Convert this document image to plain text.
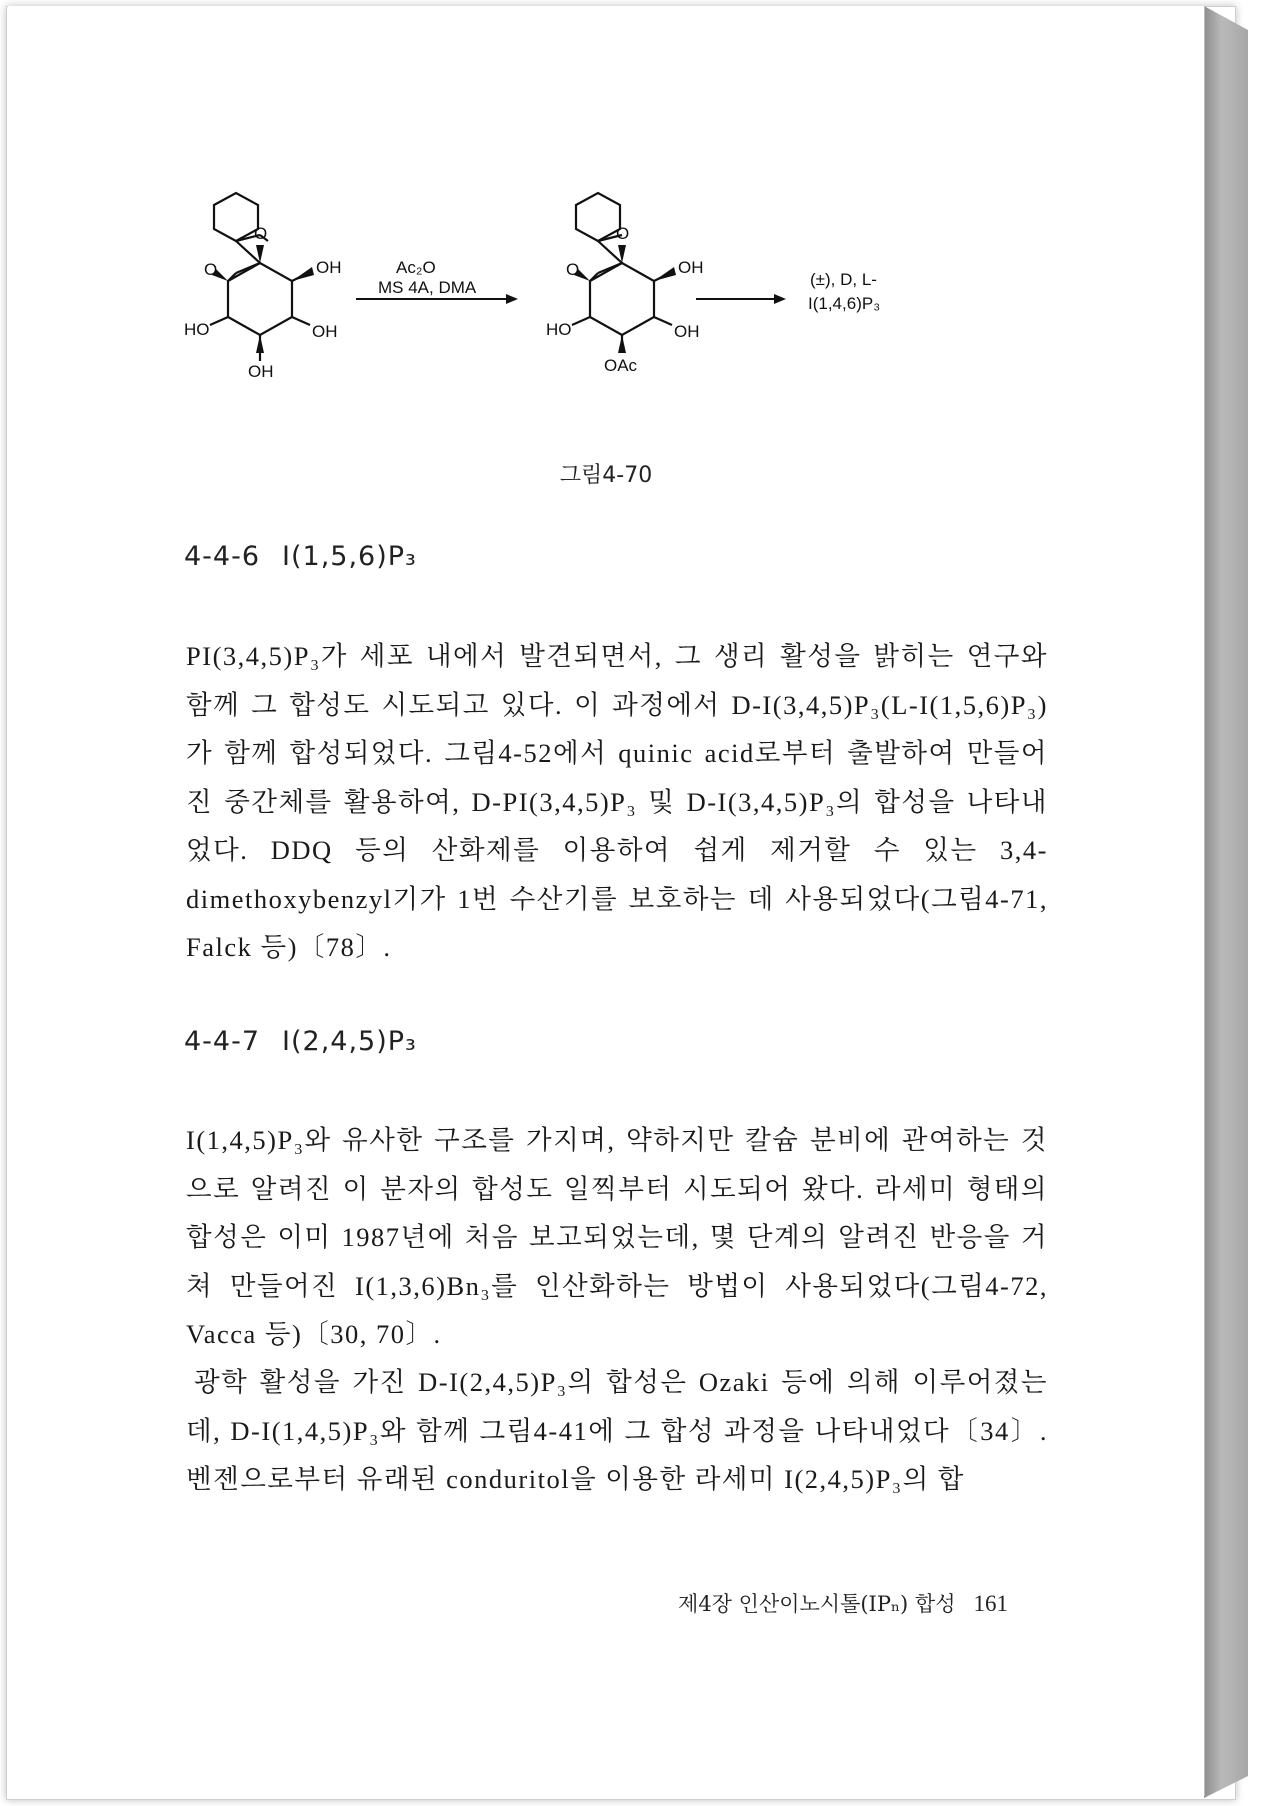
O
O	OH
HO	OH
OH
Ac₂O
MS 4A, DMA
O
O	OH
HO	OH
OAc
(±), D, L-
I(1,4,6)P₃
그림4-70
4-4-6 I(1,5,6)P₃
PI(3,4,5)P₃가 세포 내에서 발견되면서, 그 생리 활성을 밝히는 연구와 함께 그 합성도 시도되고 있다. 이 과정에서 D-I(3,4,5)P₃(L-I(1,5,6)P₃)가 함께 합성되었다. 그림4-52에서 quinic acid로부터 출발하여 만들어진 중간체를 활용하여, D-PI(3,4,5)P₃ 및 D-I(3,4,5)P₃의 합성을 나타내었다. DDQ 등의 산화제를 이용하여 쉽게 제거할 수 있는 3,4-dimethoxybenzyl기가 1번 수산기를 보호하는 데 사용되었다(그림4-71, Falck 등)〔78〕.
4-4-7 I(2,4,5)P₃
I(1,4,5)P₃와 유사한 구조를 가지며, 약하지만 칼슘 분비에 관여하는 것으로 알려진 이 분자의 합성도 일찍부터 시도되어 왔다. 라세미 형태의 합성은 이미 1987년에 처음 보고되었는데, 몇 단계의 알려진 반응을 거쳐 만들어진 I(1,3,6)Bn₃를 인산화하는 방법이 사용되었다(그림4-72, Vacca 등)〔30, 70〕.
광학 활성을 가진 D-I(2,4,5)P₃의 합성은 Ozaki 등에 의해 이루어졌는데, D-I(1,4,5)P₃와 함께 그림4-41에 그 합성 과정을 나타내었다〔34〕. 벤젠으로부터 유래된 conduritol을 이용한 라세미 I(2,4,5)P₃의 합
제4장 인산이노시톨(IPₙ) 합성 161
